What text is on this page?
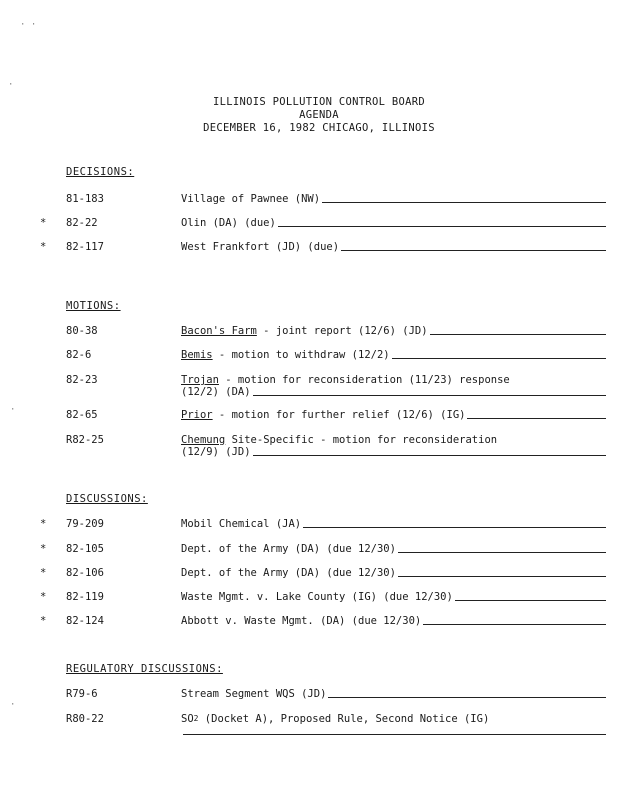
ILLINOIS POLLUTION CONTROL BOARD
AGENDA
DECEMBER 16, 1982 CHICAGO, ILLINOIS
DECISIONS:
81-183	Village of Pawnee (NW)
* 82-22	Olin (DA) (due)
* 82-117	West Frankfort (JD) (due)
MOTIONS:
80-38	Bacon's Farm - joint report (12/6) (JD)
82-6	Bemis - motion to withdraw (12/2)
82-23	Trojan - motion for reconsideration (11/23) response
(12/2) (DA)
82-65	Prior - motion for further relief (12/6) (IG)
R82-25	Chemung Site-Specific - motion for reconsideration
(12/9) (JD)
DISCUSSIONS:
* 79-209	Mobil Chemical (JA)
* 82-105	Dept. of the Army (DA) (due 12/30)
* 82-106	Dept. of the Army (DA) (due 12/30)
* 82-119	Waste Mgmt. v. Lake County (IG) (due 12/30)
* 82-124	Abbott v. Waste Mgmt. (DA) (due 12/30)
REGULATORY DISCUSSIONS:
R79-6	Stream Segment WQS (JD)
R80-22	SO 2 (Docket A), Proposed Rule, Second Notice (IG)
· ·
·
·
·
